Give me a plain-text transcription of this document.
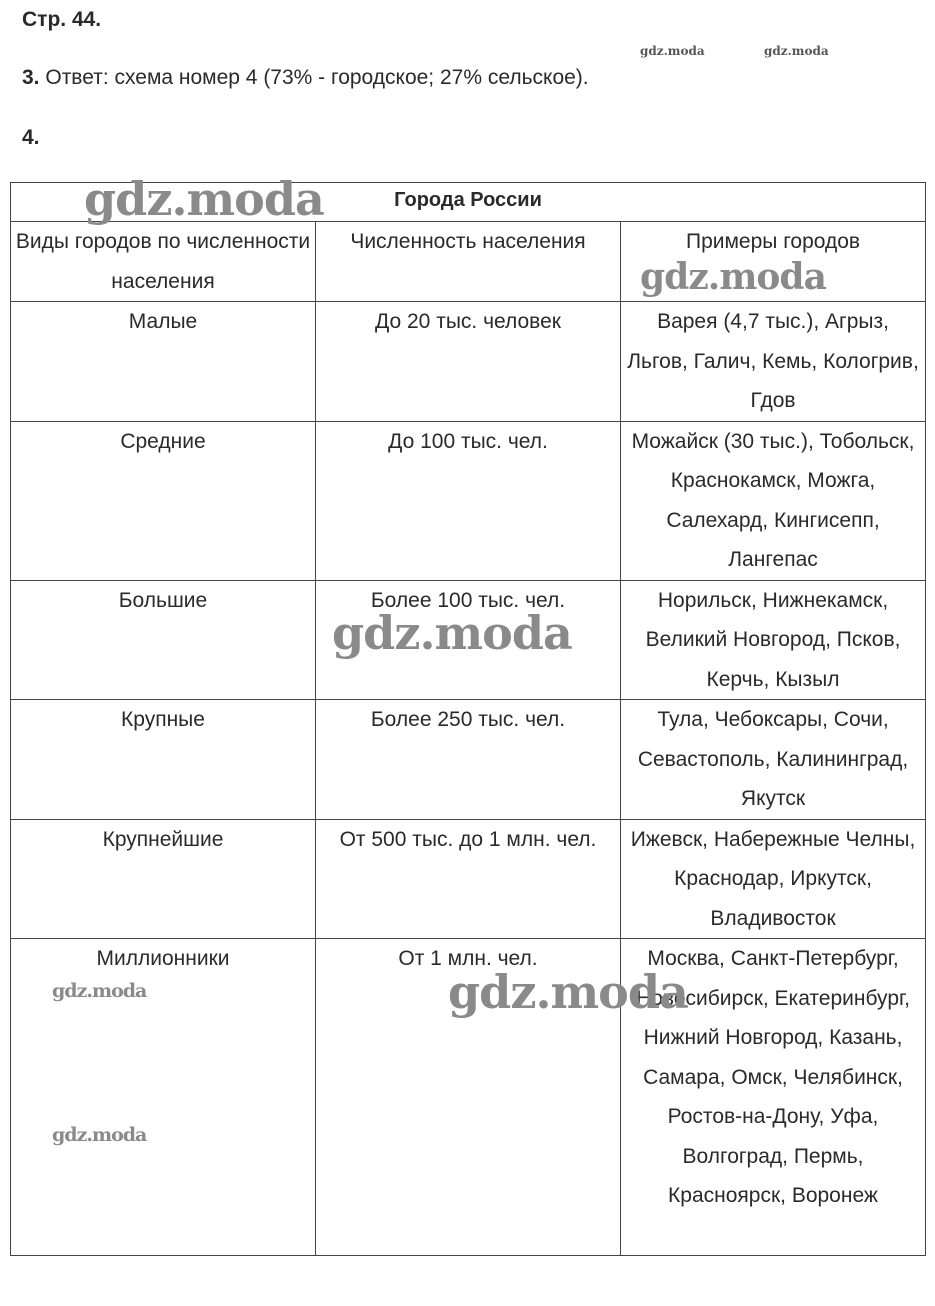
Стр. 44.

3. Ответ: схема номер 4 (73% - городское; 27% сельское).

4.

Города России		
Виды городов по численности населения	Численность населения	Примеры городов
Малые	До 20 тыс. человек	Варея (4,7 тыс.), Агрыз, Льгов, Галич, Кемь, Кологрив, Гдов
Средние	До 100 тыс. чел.	Можайск (30 тыс.), Тобольск, Краснокамск, Можга, Салехард, Кингисепп, Лангепас
Большие	Более 100 тыс. чел.	Норильск, Нижнекамск, Великий Новгород, Псков, Керчь, Кызыл
Крупные	Более 250 тыс. чел.	Тула, Чебоксары, Сочи, Севастополь, Калининград, Якутск
Крупнейшие	От 500 тыс. до 1 млн. чел.	Ижевск, Набережные Челны, Краснодар, Иркутск, Владивосток
Миллионники	От 1 млн. чел.	Москва, Санкт-Петербург, Новосибирск, Екатеринбург, Нижний Новгород, Казань, Самара, Омск, Челябинск, Ростов-на-Дону, Уфа, Волгоград, Пермь, Красноярск, Воронеж
gdz.moda	gdz.moda
gdz.moda
gdz.moda
gdz.moda
gdz.moda
gdz.moda
gdz.moda
